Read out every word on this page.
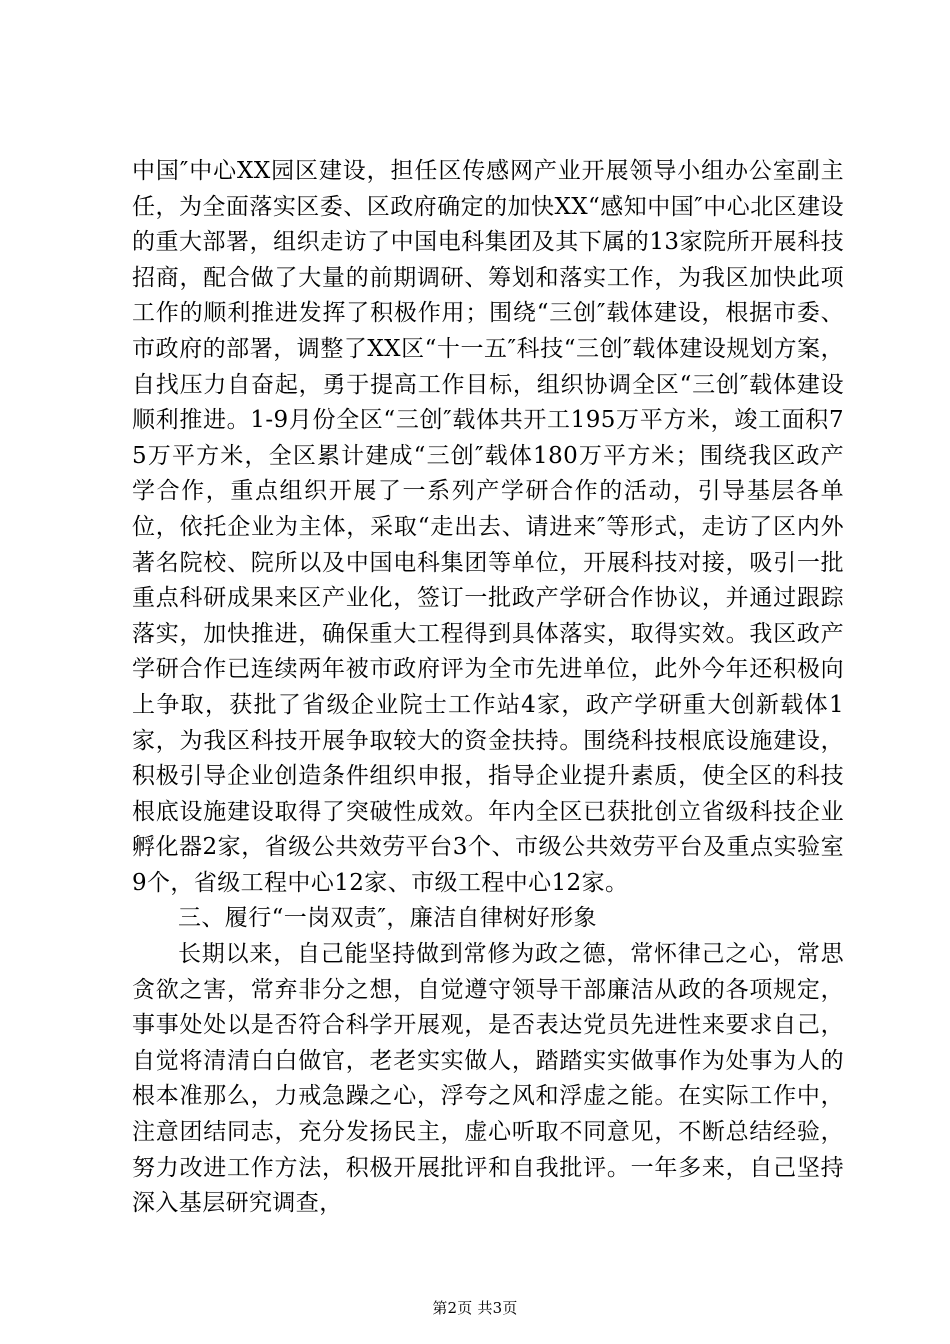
中国″中心XX园区建设，担任区传感网产业开展领导小组办公室副主任，为全面落实区委、区政府确定的加快XX“感知中国″中心北区建设的重大部署，组织走访了中国电科集团及其下属的13家院所开展科技招商，配合做了大量的前期调研、筹划和落实工作，为我区加快此项工作的顺利推进发挥了积极作用；围绕“三创″载体建设，根据市委、市政府的部署，调整了XX区“十一五″科技“三创″载体建设规划方案，自找压力自奋起，勇于提高工作目标，组织协调全区“三创″载体建设顺利推进。1-9月份全区“三创″载体共开工195万平方米，竣工面积75万平方米，全区累计建成“三创″载体180万平方米；围绕我区政产学合作，重点组织开展了一系列产学研合作的活动，引导基层各单位，依托企业为主体，采取“走出去、请进来″等形式，走访了区内外著名院校、院所以及中国电科集团等单位，开展科技对接，吸引一批重点科研成果来区产业化，签订一批政产学研合作协议，并通过跟踪落实，加快推进，确保重大工程得到具体落实，取得实效。我区政产学研合作已连续两年被市政府评为全市先进单位，此外今年还积极向上争取，获批了省级企业院士工作站4家，政产学研重大创新载体1家，为我区科技开展争取较大的资金扶持。围绕科技根底设施建设，积极引导企业创造条件组织申报，指导企业提升素质，使全区的科技根底设施建设取得了突破性成效。年内全区已获批创立省级科技企业孵化器2家，省级公共效劳平台3个、市级公共效劳平台及重点实验室9个，省级工程中心12家、市级工程中心12家。

三、履行“一岗双责″，廉洁自律树好形象

长期以来，自己能坚持做到常修为政之德，常怀律己之心，常思贪欲之害，常弃非分之想，自觉遵守领导干部廉洁从政的各项规定，事事处处以是否符合科学开展观，是否表达党员先进性来要求自己，自觉将清清白白做官，老老实实做人，踏踏实实做事作为处事为人的根本准那么，力戒急躁之心，浮夸之风和浮虚之能。在实际工作中，注意团结同志，充分发扬民主，虚心听取不同意见，不断总结经验，努力改进工作方法，积极开展批评和自我批评。一年多来，自己坚持深入基层研究调查，

第2页 共3页
